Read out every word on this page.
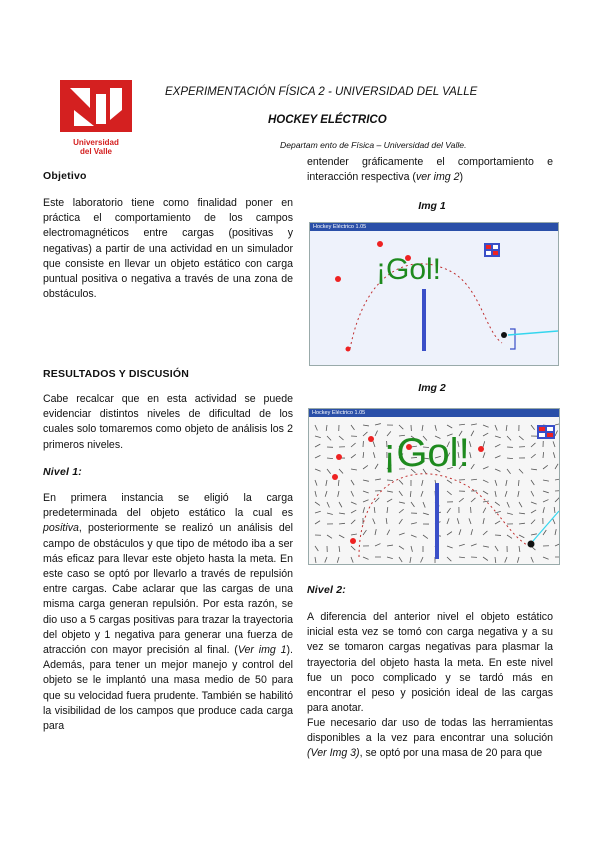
Universidad
del Valle
EXPERIMENTACIÓN FÍSICA 2 - UNIVERSIDAD DEL VALLE
HOCKEY ELÉCTRICO
Departam ento de Física – Universidad del Valle.
Objetivo
Este laboratorio tiene como finalidad poner en práctica el comportamiento de los campos electromagnéticos entre cargas (positivas y negativas) a partir de una actividad en un simulador que consiste en llevar un objeto estático con carga puntual positiva o negativa a través de una zona de obstáculos.
RESULTADOS Y DISCUSIÓN
Cabe recalcar que en esta actividad se puede evidenciar distintos niveles de dificultad de los cuales solo tomaremos como objeto de análisis los 2 primeros niveles.
Nivel 1:
En primera instancia se eligió la carga predeterminada del objeto estático la cual es positiva, posteriormente se realizó un análisis del campo de obstáculos y que tipo de método iba a ser más eficaz para llevar este objeto hasta la meta. En este caso se optó por llevarlo a través de repulsión entre cargas. Cabe aclarar que las cargas de una misma carga generan repulsión. Por esta razón, se dio uso a 5 cargas positivas para trazar la trayectoria del objeto y 1 negativa para generar una fuerza de atracción con mayor precisión al final. (Ver img 1). Además, para tener un mejor manejo y control del objeto se le implantó una masa medio de 50 para que su velocidad fuera prudente. También se habilitó la visibilidad de los campos que produce cada carga para
entender gráficamente el comportamiento e interacción respectiva (ver img 2)
Img 1
Hockey Eléctrico 1.05
¡Gol!
Img 2
Hockey Eléctrico 1.05
¡Gol!
Nivel 2:
A diferencia del anterior nivel el objeto estático inicial esta vez se tomó con carga negativa y a su vez se tomaron cargas negativas para plasmar la trayectoria del objeto hasta la meta. En este nivel fue un poco complicado y se tardó más en encontrar el peso y posición ideal de las cargas para anotar.
Fue necesario dar uso de todas las herramientas disponibles a la vez para encontrar una solución (Ver Img 3), se optó por una masa de 20 para que
